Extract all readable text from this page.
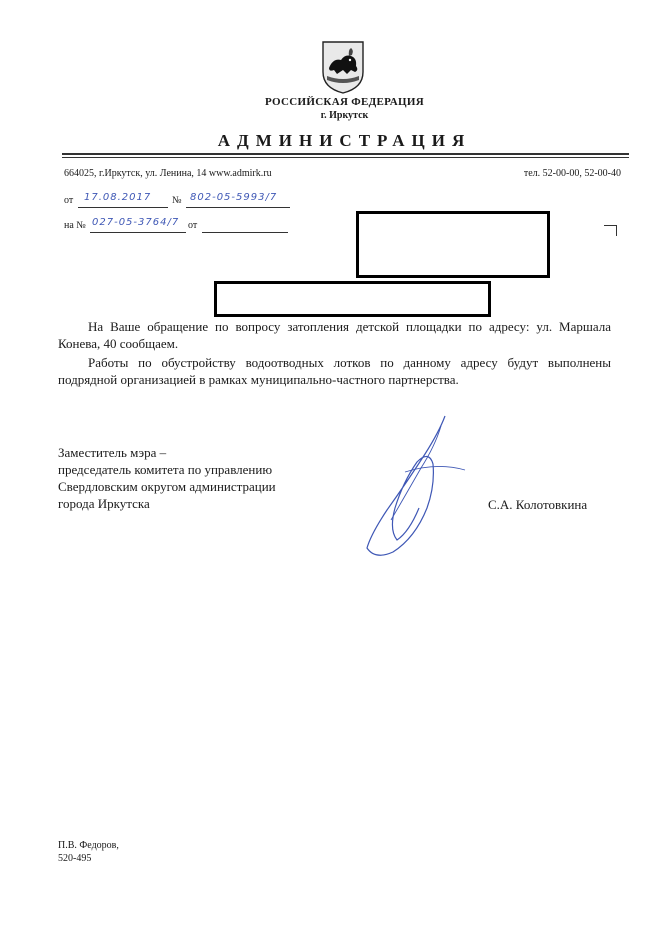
РОССИЙСКАЯ ФЕДЕРАЦИЯ
г. Иркутск
АДМИНИСТРАЦИЯ
664025, г.Иркутск, ул. Ленина, 14 www.admirk.ru	тел. 52-00-00, 52-00-40
от 17.08.2017 № 802-05-5993/7
на № 027-05-3764/7 от

На Ваше обращение по вопросу затопления детской площадки по адресу: ул. Маршала Конева, 40 сообщаем.

Работы по обустройству водоотводных лотков по данному адресу будут выполнены подрядной организацией в рамках муниципально-частного партнерства.

Заместитель мэра –
председатель комитета по управлению
Свердловским округом администрации
города Иркутска	С.А. Колотовкина
П.В. Федоров,
520-495
